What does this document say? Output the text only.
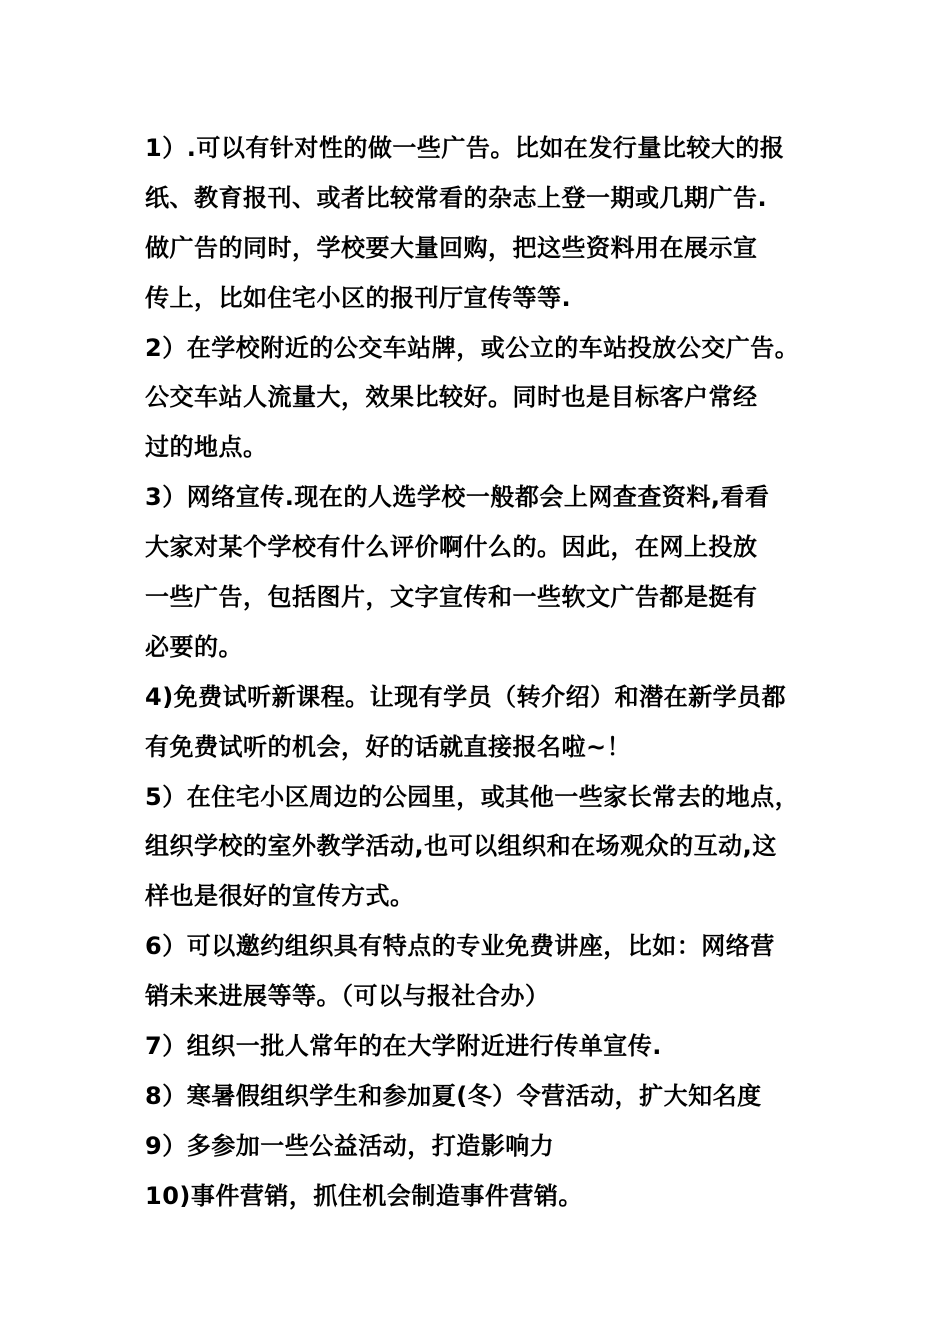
1）.可以有针对性的做一些广告。比如在发行量比较大的报
纸、教育报刊、或者比较常看的杂志上登一期或几期广告.
做广告的同时，学校要大量回购，把这些资料用在展示宣
传上，比如住宅小区的报刊厅宣传等等.
2）在学校附近的公交车站牌，或公立的车站投放公交广告。
公交车站人流量大，效果比较好。同时也是目标客户常经
过的地点。
3）网络宣传.现在的人选学校一般都会上网查查资料,看看
大家对某个学校有什么评价啊什么的。因此，在网上投放
一些广告，包括图片，文字宣传和一些软文广告都是挺有
必要的。
4)免费试听新课程。让现有学员（转介绍）和潜在新学员都
有免费试听的机会，好的话就直接报名啦~！
5）在住宅小区周边的公园里，或其他一些家长常去的地点，
组织学校的室外教学活动,也可以组织和在场观众的互动,这
样也是很好的宣传方式。
6）可以邀约组织具有特点的专业免费讲座，比如：网络营
销未来进展等等。（可以与报社合办）
7）组织一批人常年的在大学附近进行传单宣传.
8）寒暑假组织学生和参加夏(冬）令营活动，扩大知名度
9）多参加一些公益活动，打造影响力
10)事件营销，抓住机会制造事件营销。
